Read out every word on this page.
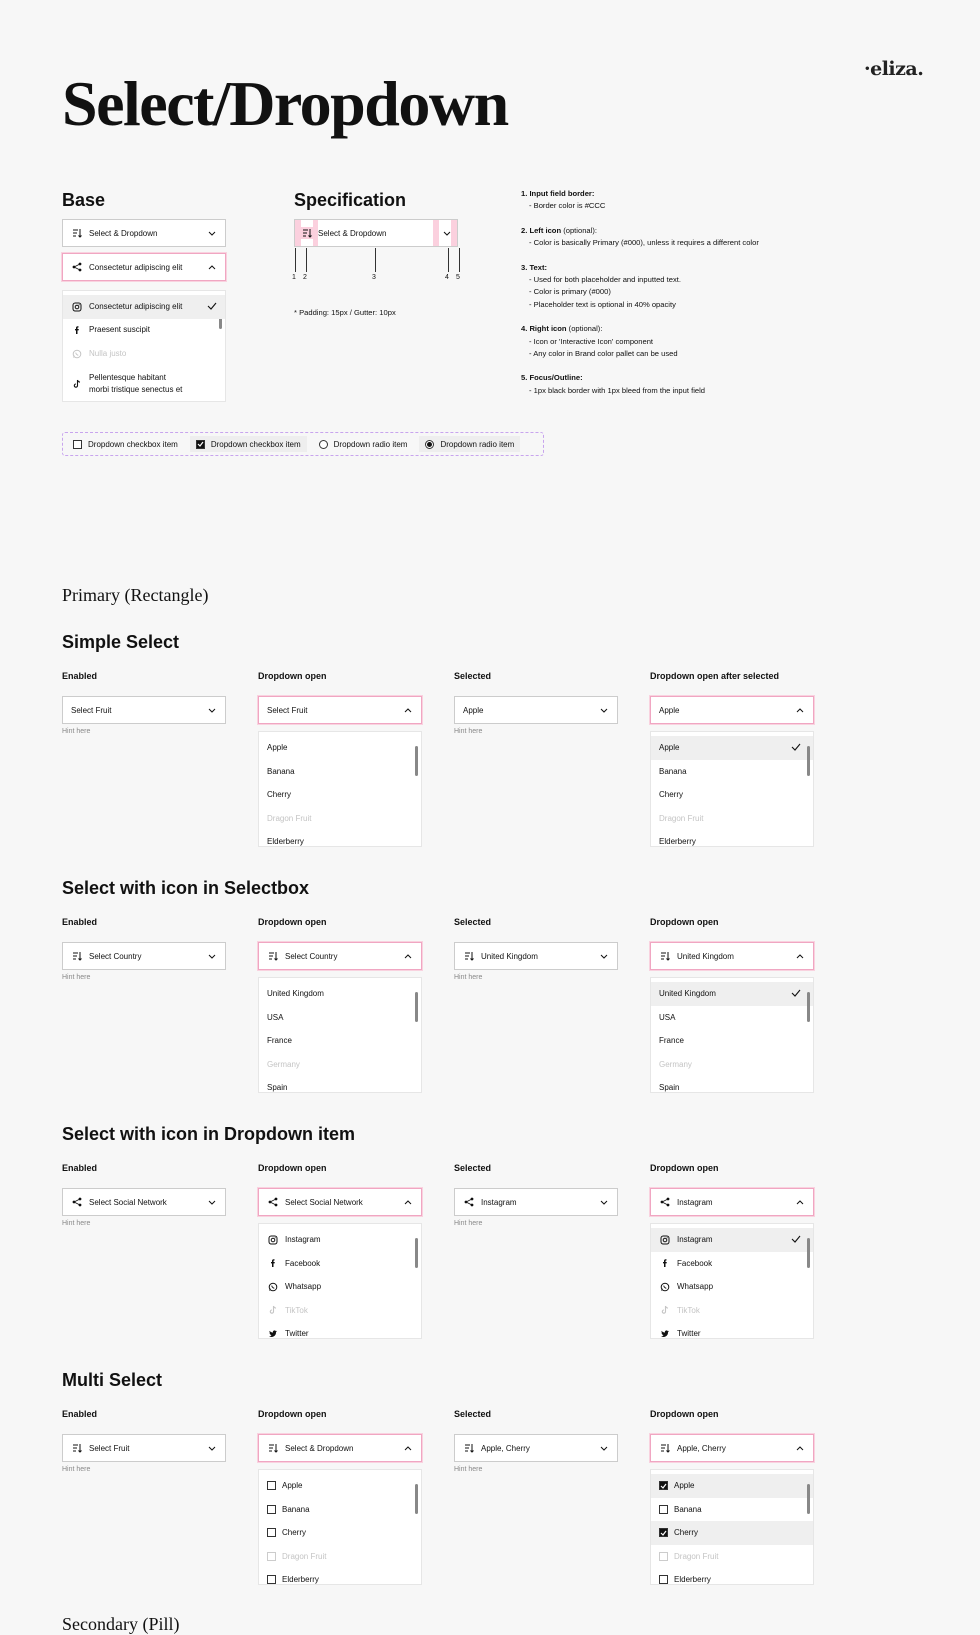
·eliza.
Select/Dropdown
Base
Select & Dropdown
Consectetur adipiscing elit
Consectetur adipiscing elit
Praesent suscipit
Nulla justo
Pellentesque habitant morbi tristique senectus et
Specification
Select & Dropdown
1 2	3	4 5
* Padding: 15px / Gutter: 10px
1. Input field border:
- Border color is #CCC
2. Left icon (optional):
- Color is basically Primary (#000), unless it requires a different color
3. Text:
- Used for both placeholder and inputted text.
- Color is primary (#000)
- Placeholder text is optional in 40% opacity
4. Right icon (optional):
- Icon or 'Interactive Icon' component
- Any color in Brand color pallet can be used
5. Focus/Outline:
- 1px black border with 1px bleed from the input field
Dropdown checkbox item	Dropdown checkbox item	Dropdown radio item	Dropdown radio item
Primary (Rectangle)
Simple Select
Enabled
Select Fruit
Hint here
Dropdown open
Select Fruit
Apple
Banana
Cherry
Dragon Fruit
Elderberry
Selected
Apple
Hint here
Dropdown open after selected
Apple
Apple
Banana
Cherry
Dragon Fruit
Elderberry
Select with icon in Selectbox
Enabled
Select Country
Hint here
Dropdown open
Select Country
United Kingdom
USA
France
Germany
Spain
Selected
United Kingdom
Hint here
Dropdown open
United Kingdom
United Kingdom
USA
France
Germany
Spain
Select with icon in Dropdown item
Enabled
Select Social Network
Hint here
Dropdown open
Select Social Network
Instagram
Facebook
Whatsapp
TikTok
Twitter
Selected
Instagram
Hint here
Dropdown open
Instagram
Instagram
Facebook
Whatsapp
TikTok
Twitter
Multi Select
Enabled
Select Fruit
Hint here
Dropdown open
Select & Dropdown
Apple
Banana
Cherry
Dragon Fruit
Elderberry
Selected
Apple, Cherry
Hint here
Dropdown open
Apple, Cherry
Apple
Banana
Cherry
Dragon Fruit
Elderberry
Secondary (Pill)
